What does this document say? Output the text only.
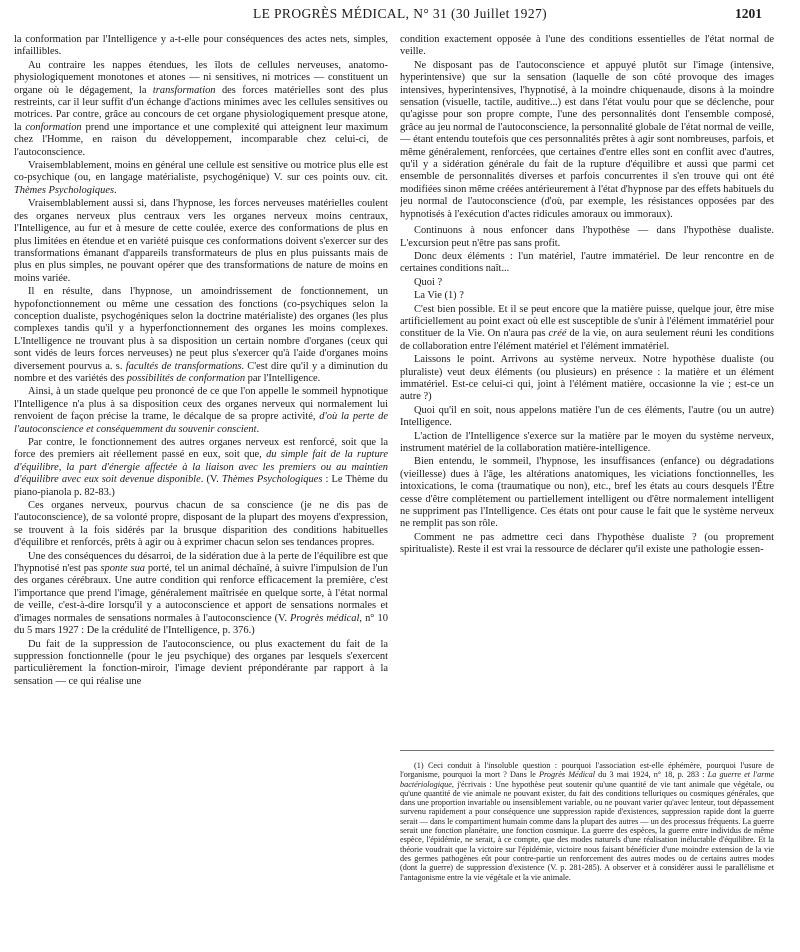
LE PROGRÈS MÉDICAL, N° 31 (30 Juillet 1927)	1201

la conformation par l'Intelligence y a-t-elle pour conséquences des actes nets, simples, infaillibles.

Au contraire les nappes étendues, les îlots de cellules nerveuses, anatomo-physiologiquement monotones et atones — ni sensitives, ni motrices — constituent un organe où le dégagement, la transformation des forces matérielles sont des plus restreints, car il leur suffit d'un échange d'actions minimes avec les cellules sensitives ou motrices. Par contre, grâce au concours de cet organe physiologiquement presque atone, la conformation prend une importance et une complexité qui atteignent leur maximum chez l'Homme, en raison du développement, incomparable chez celui-ci, de l'autoconscience.

Vraisemblablement, moins en général une cellule est sensitive ou motrice plus elle est co-psychique (ou, en langage matérialiste, psychogénique) V. sur ces points ouv. cit. Thèmes Psychologiques.

Vraisemblablement aussi si, dans l'hypnose, les forces nerveuses matérielles coulent des organes nerveux plus centraux vers les organes nerveux moins centraux, l'Intelligence, au fur et à mesure de cette coulée, exerce des conformations de plus en plus limitées en étendue et en variété puisque ces conformations doivent s'exercer sur des transformations émanant d'appareils transformateurs de plus en plus puissants mais de plus en plus simples, ne pouvant opérer que des transformations de nature de moins en moins variée.

Il en résulte, dans l'hypnose, un amoindrissement de fonctionnement, un hypofonctionnement ou même une cessation des fonctions (co-psychiques selon la conception dualiste, psychogéniques selon la doctrine matérialiste) des organes (les plus complexes tandis qu'il y a hyperfonctionnement des organes les moins complexes. L'Intelligence ne trouvant plus à sa disposition un certain nombre d'organes (ceux qui sont vidés de leurs forces nerveuses) ne peut plus s'exercer qu'à l'aide d'organes moins diversement pourvus a. s. facultés de transformations. C'est dire qu'il y a diminution du nombre et des variétés des possibilités de conformation par l'Intelligence.

Ainsi, à un stade quelque peu prononcé de ce que l'on appelle le sommeil hypnotique l'Intelligence n'a plus à sa disposition ceux des organes nerveux qui normalement lui renvoient de façon précise la trame, le décalque de sa propre activité, d'où la perte de l'autoconscience et conséquemment du souvenir conscient.

Par contre, le fonctionnement des autres organes nerveux est renforcé, soit que la force des premiers ait réellement passé en eux, soit que, du simple fait de la rupture d'équilibre, la part d'énergie affectée à la liaison avec les premiers ou au maintien d'équilibre avec eux soit devenue disponible. (V. Thèmes Psychologiques : Le Thème du piano-pianola p. 82-83.)

Ces organes nerveux, pourvus chacun de sa conscience (je ne dis pas de l'autoconscience), de sa volonté propre, disposant de la plupart des moyens d'expression, se trouvent à la fois sidérés par la brusque disparition des conditions habituelles d'équilibre et renforcés, prêts à agir ou à exprimer chacun selon ses tendances propres.

Une des conséquences du désarroi, de la sidération due à la perte de l'équilibre est que l'hypnotisé n'est pas sponte sua porté, tel un animal déchaîné, à suivre l'impulsion de l'un des organes cérébraux. Une autre condition qui renforce efficacement la première, c'est l'importance que prend l'image, généralement maîtrisée en quelque sorte, à l'état normal de veille, c'est-à-dire lorsqu'il y a autoconscience et apport de sensations normales et d'images normales de sensations normales à l'autoconscience (V. Progrès médical, n° 10 du 5 mars 1927 : De la crédulité de l'Intelligence, p. 376.)

Du fait de la suppression de l'autoconscience, ou plus exactement du fait de la suppression fonctionnelle (pour le jeu psychique) des organes par lesquels s'exercent particulièrement la fonction-miroir, l'image devient prépondérante par rapport à la sensation — ce qui réalise une

condition exactement opposée à l'une des conditions essentielles de l'état normal de veille.

Ne disposant pas de l'autoconscience et appuyé plutôt sur l'image (intensive, hyperintensive) que sur la sensation (laquelle de son côté provoque des images intensives, hyperintensives, l'hypnotisé, à la moindre chiquenaude, disons à la moindre sensation (visuelle, tactile, auditive...) est dans l'état voulu pour que se déclenche, pour qu'agisse pour son propre compte, l'une des personnalités dont l'ensemble composé, grâce au jeu normal de l'autoconscience, la personnalité globale de l'état normal de veille, — étant entendu toutefois que ces personnalités prêtes à agir sont nombreuses, parfois, et même généralement, renforcées, que certaines d'entre elles sont en conflit avec d'autres, qu'il y a sidération générale du fait de la rupture d'équilibre et aussi que parmi cet ensemble de personnalités diverses et parfois concurrentes il s'en trouve qui ont été modifiées sinon même créées antérieurement à l'état d'hypnose par des effets habituels du jeu normal de l'autoconscience (d'où, par exemple, les résistances opposées par des hypnotisés à l'exécution d'actes ridicules amoraux ou immoraux).

Continuons à nous enfoncer dans l'hypothèse — dans l'hypothèse dualiste. L'excursion peut n'être pas sans profit.

Donc deux éléments : l'un matériel, l'autre immatériel. De leur rencontre en de certaines conditions naît...

Quoi ?

La Vie (1) ?

C'est bien possible. Et il se peut encore que la matière puisse, quelque jour, être mise artificiellement au point exact où elle est susceptible de s'unir à l'élément immatériel pour constituer de la Vie. On n'aura pas créé de la vie, on aura seulement réuni les conditions de collaboration entre l'élément matériel et l'élément immatériel.

Laissons le point. Arrivons au système nerveux. Notre hypothèse dualiste (ou pluraliste) veut deux éléments (ou plusieurs) en présence : la matière et un élément immatériel. Est-ce celui-ci qui, joint à l'élément matière, occasionne la vie ; est-ce un autre ?)

Quoi qu'il en soit, nous appelons matière l'un de ces éléments, l'autre (ou un autre) Intelligence.

L'action de l'Intelligence s'exerce sur la matière par le moyen du système nerveux, instrument matériel de la collaboration matière-intelligence.

Bien entendu, le sommeil, l'hypnose, les insuffisances (enfance) ou dégradations (vieillesse) dues à l'âge, les altérations anatomiques, les viciations fonctionnelles, les intoxications, le coma (traumatique ou non), etc., bref les états au cours desquels l'Être cesse d'être complètement ou partiellement intelligent ou d'être normalement intelligent ne suppriment pas l'Intelligence. Ces états ont pour cause le fait que le système nerveux ne remplit pas son rôle.

Comment ne pas admettre ceci dans l'hypothèse dualiste ? (ou proprement spiritualiste). Reste il est vrai la ressource de déclarer qu'il existe une pathologie essen-

(1) Ceci conduit à l'insoluble question : pourquoi l'association est-elle éphémère, pourquoi l'usure de l'organisme, pourquoi la mort ? Dans le Progrès Médical du 3 mai 1924, n° 18, p. 283 : La guerre et l'arme bactériologique, j'écrivais : Une hypothèse peut soutenir qu'une quantité de vie tant animale que végétale, ou qu'une quantité de vie animale ne pouvant exister, du fait des conditions telluriques ou cosmiques générales, que dans une proportion invariable ou insensiblement variable, ou ne pouvant varier qu'avec lenteur, tout dépassement survenu rapidement a pour conséquence une suppression rapide d'existences, suppression rapide dont la guerre serait — dans le compartiment humain comme dans la plupart des autres — un des processus fréquents. La guerre serait une fonction planétaire, une fonction cosmique. La guerre des espèces, la guerre entre individus de même espèce, l'épidémie, ne serait, à ce compte, que des modes naturels d'une réalisation inéluctable d'équilibre. Et la théorie voudrait que la victoire sur l'épidémie, victoire nous faisant bénéficier d'une moindre extension de la vie des germes pathogènes eût pour contre-partie un renforcement des autres modes ou de certains autres modes (dont la guerre) de suppression d'existence (V. p. 281-285). A observer et à considérer aussi le parallélisme et l'antagonisme entre la vie végétale et la vie animale.
